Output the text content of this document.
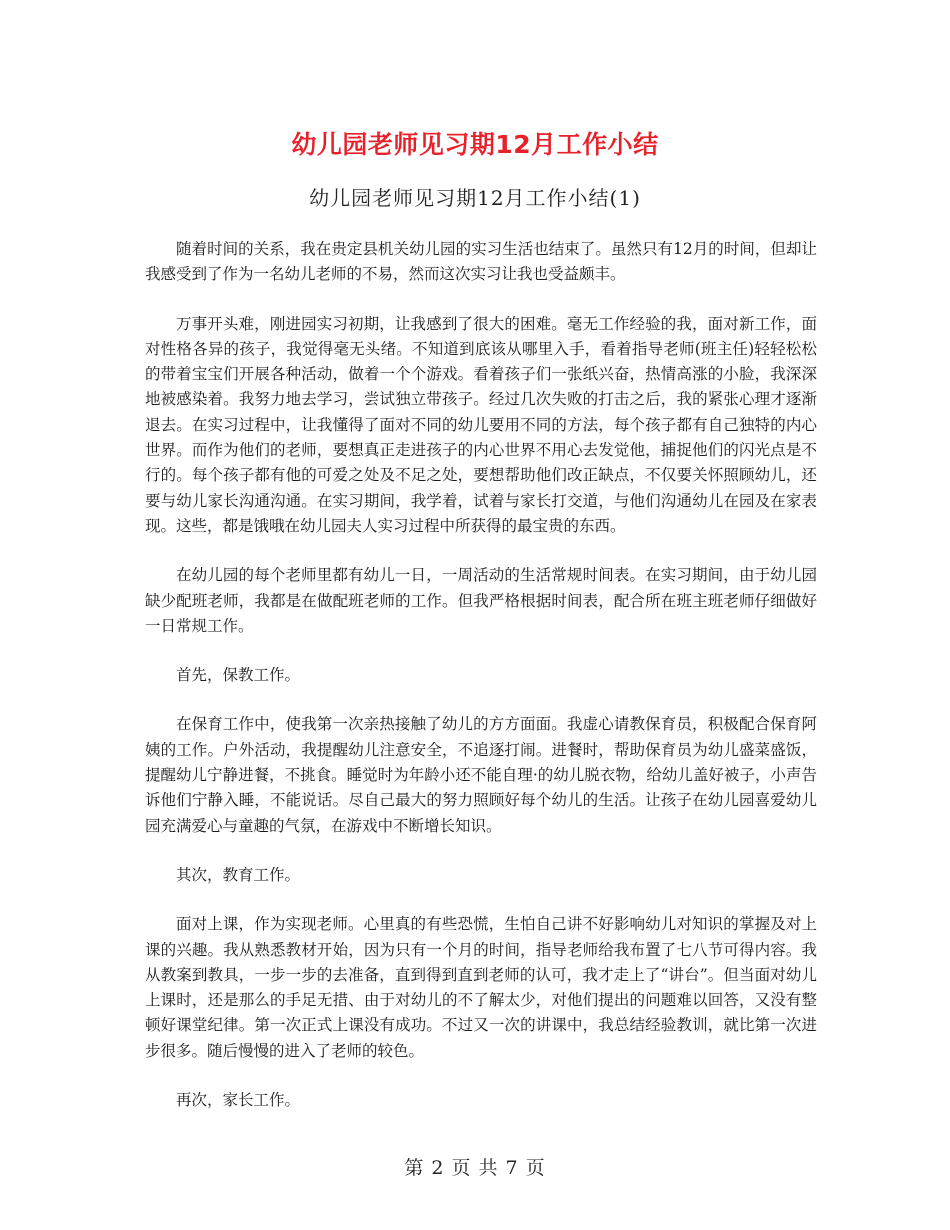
幼儿园老师见习期12月工作小结
幼儿园老师见习期12月工作小结(1)

随着时间的关系，我在贵定县机关幼儿园的实习生活也结束了。虽然只有12月的时间，但却让我感受到了作为一名幼儿老师的不易，然而这次实习让我也受益颇丰。

万事开头难，刚进园实习初期，让我感到了很大的困难。毫无工作经验的我，面对新工作，面对性格各异的孩子，我觉得毫无头绪。不知道到底该从哪里入手，看着指导老师(班主任)轻轻松松的带着宝宝们开展各种活动，做着一个个游戏。看着孩子们一张纸兴奋，热情高涨的小脸，我深深地被感染着。我努力地去学习，尝试独立带孩子。经过几次失败的打击之后，我的紧张心理才逐渐退去。在实习过程中，让我懂得了面对不同的幼儿要用不同的方法，每个孩子都有自己独特的内心世界。而作为他们的老师，要想真正走进孩子的内心世界不用心去发觉他，捕捉他们的闪光点是不行的。每个孩子都有他的可爱之处及不足之处，要想帮助他们改正缺点，不仅要关怀照顾幼儿，还要与幼儿家长沟通沟通。在实习期间，我学着，试着与家长打交道，与他们沟通幼儿在园及在家表现。这些，都是饿哦在幼儿园夫人实习过程中所获得的最宝贵的东西。

在幼儿园的每个老师里都有幼儿一日，一周活动的生活常规时间表。在实习期间，由于幼儿园缺少配班老师，我都是在做配班老师的工作。但我严格根据时间表，配合所在班主班老师仔细做好一日常规工作。

首先，保教工作。

在保育工作中，使我第一次亲热接触了幼儿的方方面面。我虚心请教保育员，积极配合保育阿姨的工作。户外活动，我提醒幼儿注意安全，不追逐打闹。进餐时，帮助保育员为幼儿盛菜盛饭，提醒幼儿宁静进餐，不挑食。睡觉时为年龄小还不能自理·的幼儿脱衣物，给幼儿盖好被子，小声告诉他们宁静入睡，不能说话。尽自己最大的努力照顾好每个幼儿的生活。让孩子在幼儿园喜爱幼儿园充满爱心与童趣的气氛，在游戏中不断增长知识。

其次，教育工作。

面对上课，作为实现老师。心里真的有些恐慌，生怕自己讲不好影响幼儿对知识的掌握及对上课的兴趣。我从熟悉教材开始，因为只有一个月的时间，指导老师给我布置了七八节可得内容。我从教案到教具，一步一步的去准备，直到得到直到老师的认可，我才走上了“讲台”。但当面对幼儿上课时，还是那么的手足无措、由于对幼儿的不了解太少，对他们提出的问题难以回答，又没有整顿好课堂纪律。第一次正式上课没有成功。不过又一次的讲课中，我总结经验教训，就比第一次进步很多。随后慢慢的进入了老师的较色。

再次，家长工作。

第 2 页 共 7 页
